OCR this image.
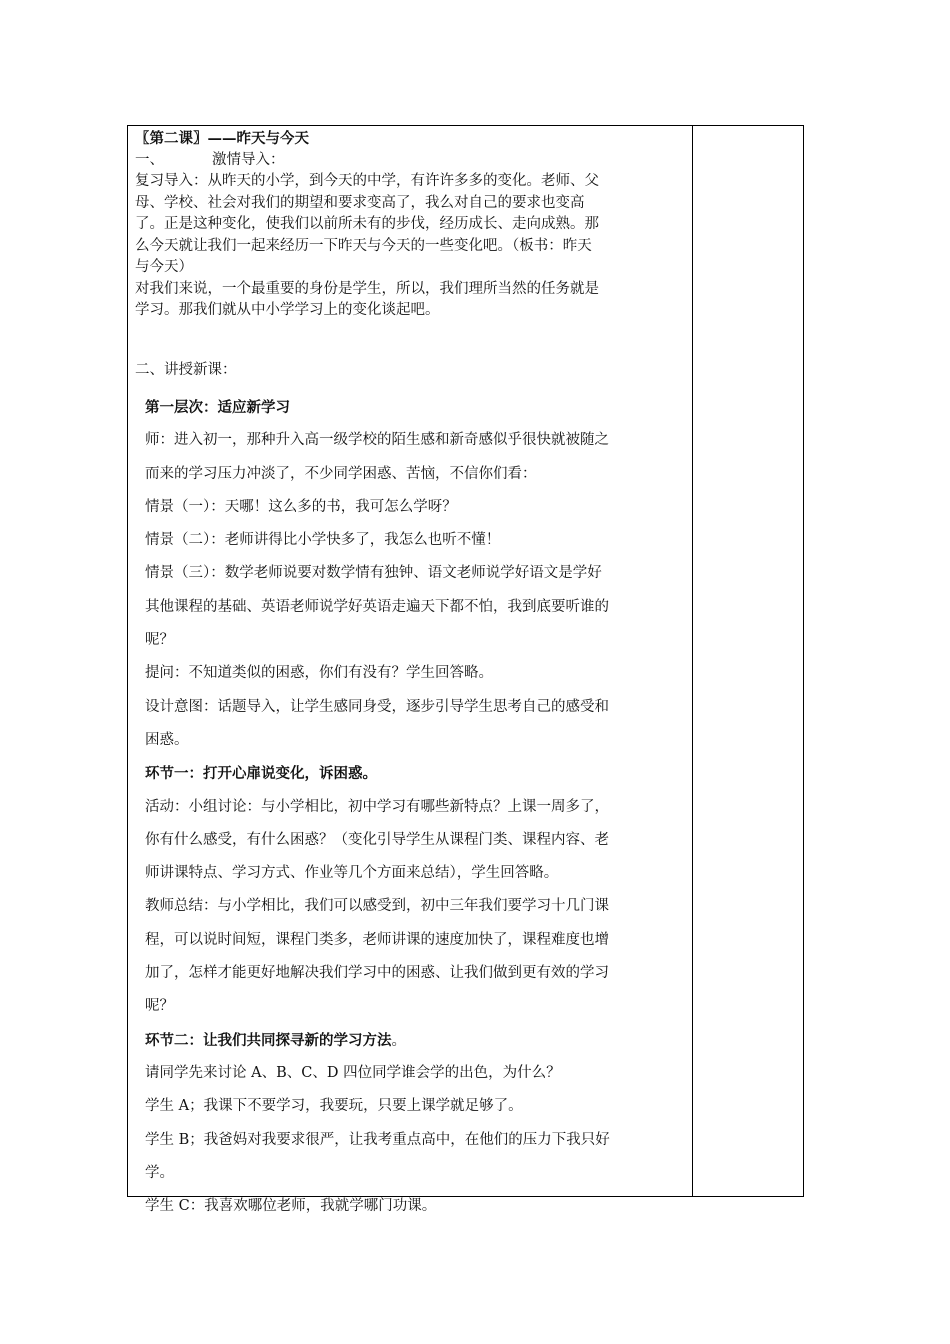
〖第二课〗——昨天与今天
一、	激情导入：
复习导入：从昨天的小学，到今天的中学，有许许多多的变化。老师、父
母、学校、社会对我们的期望和要求变高了，我么对自己的要求也变高
了。正是这种变化，使我们以前所未有的步伐，经历成长、走向成熟。那
么今天就让我们一起来经历一下昨天与今天的一些变化吧。（板书：昨天
与今天）
对我们来说，一个最重要的身份是学生，所以，我们理所当然的任务就是
学习。那我们就从中小学学习上的变化谈起吧。
二、讲授新课：
第一层次：适应新学习
师：进入初一，那种升入高一级学校的陌生感和新奇感似乎很快就被随之
而来的学习压力冲淡了，不少同学困惑、苦恼，不信你们看：
情景（一）：天哪！这么多的书，我可怎么学呀？
情景（二）：老师讲得比小学快多了，我怎么也听不懂！
情景（三）：数学老师说要对数学情有独钟、语文老师说学好语文是学好
其他课程的基础、英语老师说学好英语走遍天下都不怕，我到底要听谁的
呢？
提问：不知道类似的困惑，你们有没有？学生回答略。
设计意图：话题导入，让学生感同身受，逐步引导学生思考自己的感受和
困惑。
环节一：打开心扉说变化，诉困惑。
活动：小组讨论：与小学相比，初中学习有哪些新特点？上课一周多了，
你有什么感受，有什么困惑？（变化引导学生从课程门类、课程内容、老
师讲课特点、学习方式、作业等几个方面来总结），学生回答略。
教师总结：与小学相比，我们可以感受到，初中三年我们要学习十几门课
程，可以说时间短，课程门类多，老师讲课的速度加快了，课程难度也增
加了，怎样才能更好地解决我们学习中的困惑、让我们做到更有效的学习
呢？
环节二：让我们共同探寻新的学习方法。
请同学先来讨论 A、B、C、D 四位同学谁会学的出色，为什么？
学生 A；我课下不要学习，我要玩，只要上课学就足够了。
学生 B；我爸妈对我要求很严，让我考重点高中，在他们的压力下我只好
学。
学生 C：我喜欢哪位老师，我就学哪门功课。
